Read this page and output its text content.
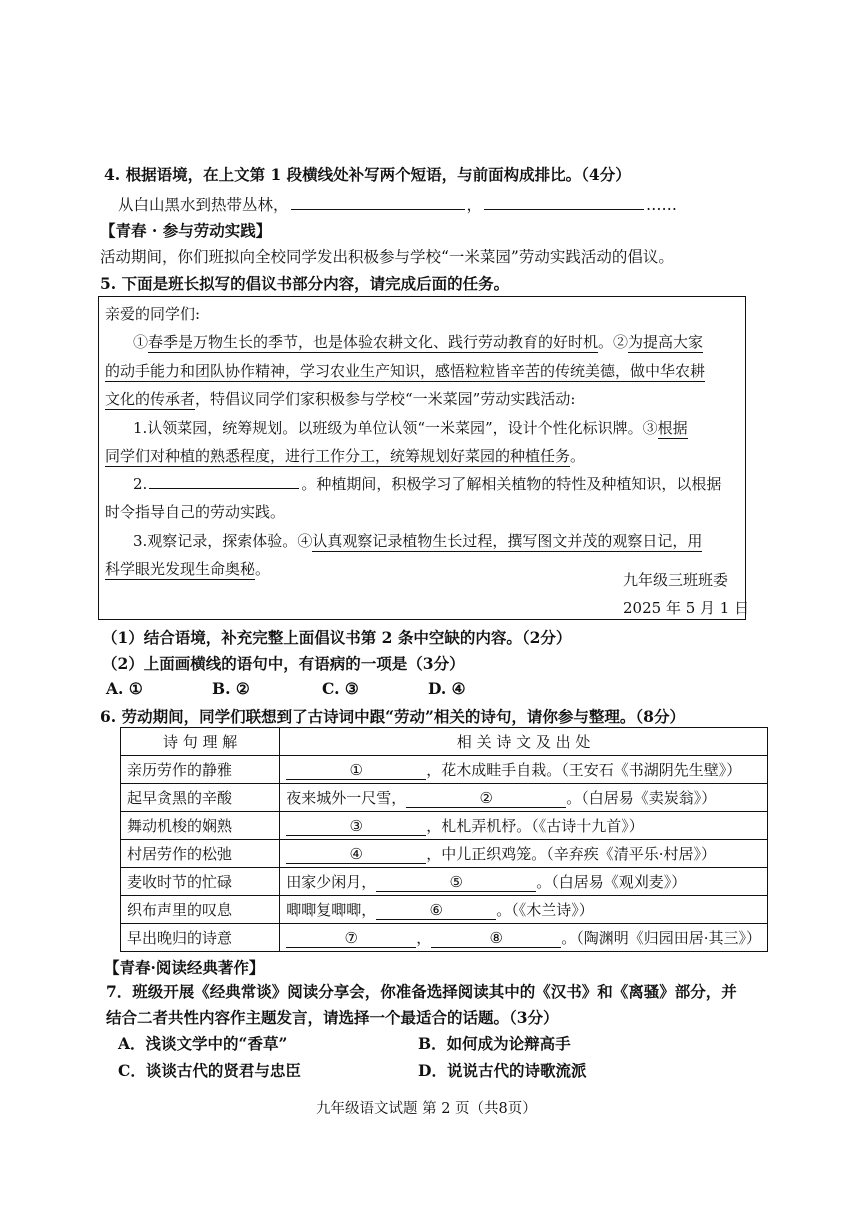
4. 根据语境，在上文第 1 段横线处补写两个短语，与前面构成排比。（4分）
从白山黑水到热带丛林，	，	……
【青春 · 参与劳动实践】
活动期间，你们班拟向全校同学发出积极参与学校“一米菜园”劳动实践活动的倡议。
5. 下面是班长拟写的倡议书部分内容，请完成后面的任务。
亲爱的同学们:
①春季是万物生长的季节，也是体验农耕文化、践行劳动教育的好时机。②为提高大家
的动手能力和团队协作精神，学习农业生产知识，感悟粒粒皆辛苦的传统美德，做中华农耕
文化的传承者，特倡议同学们家积极参与学校“一米菜园”劳动实践活动:
1.认领菜园，统筹规划。以班级为单位认领“一米菜园”，设计个性化标识牌。③根据
同学们对种植的熟悉程度，进行工作分工，统筹规划好菜园的种植任务。
2.	。种植期间，积极学习了解相关植物的特性及种植知识，以根据
时令指导自己的劳动实践。
3.观察记录，探索体验。④认真观察记录植物生长过程，撰写图文并茂的观察日记，用
科学眼光发现生命奥秘。
九年级三班班委
2025 年 5 月 1 日
（1）结合语境，补充完整上面倡议书第 2 条中空缺的内容。（2分）
（2）上面画横线的语句中，有语病的一项是（3分）
A. ①	B. ②	C. ③	D. ④
6. 劳动期间，同学们联想到了古诗词中跟“劳动”相关的诗句，请你参与整理。（8分）
诗 句 理 解	相 关 诗 文 及 出 处
亲历劳作的静雅	① ，花木成畦手自栽。（王安石《书湖阴先生壁》）
起早贪黑的辛酸	夜来城外一尺雪， ② 。（白居易《卖炭翁》）
舞动机梭的娴熟	③ ，札札弄机杼。（《古诗十九首》）
村居劳作的松弛	④ ，中儿正织鸡笼。（辛弃疾《清平乐·村居》）
麦收时节的忙碌	田家少闲月， ⑤ 。（白居易《观刈麦》）
织布声里的叹息	唧唧复唧唧， ⑥ 。（《木兰诗》）
早出晚归的诗意	⑦ ， ⑧ 。（陶渊明《归园田居·其三》）
【青春·阅读经典著作】
7．班级开展《经典常谈》阅读分享会，你准备选择阅读其中的《汉书》和《离骚》部分，并
结合二者共性内容作主题发言，请选择一个最适合的话题。（3分）
A．浅谈文学中的“香草”	B．如何成为论辩高手
C．谈谈古代的贤君与忠臣	D．说说古代的诗歌流派
九年级语文试题 第 2 页（共8页）
